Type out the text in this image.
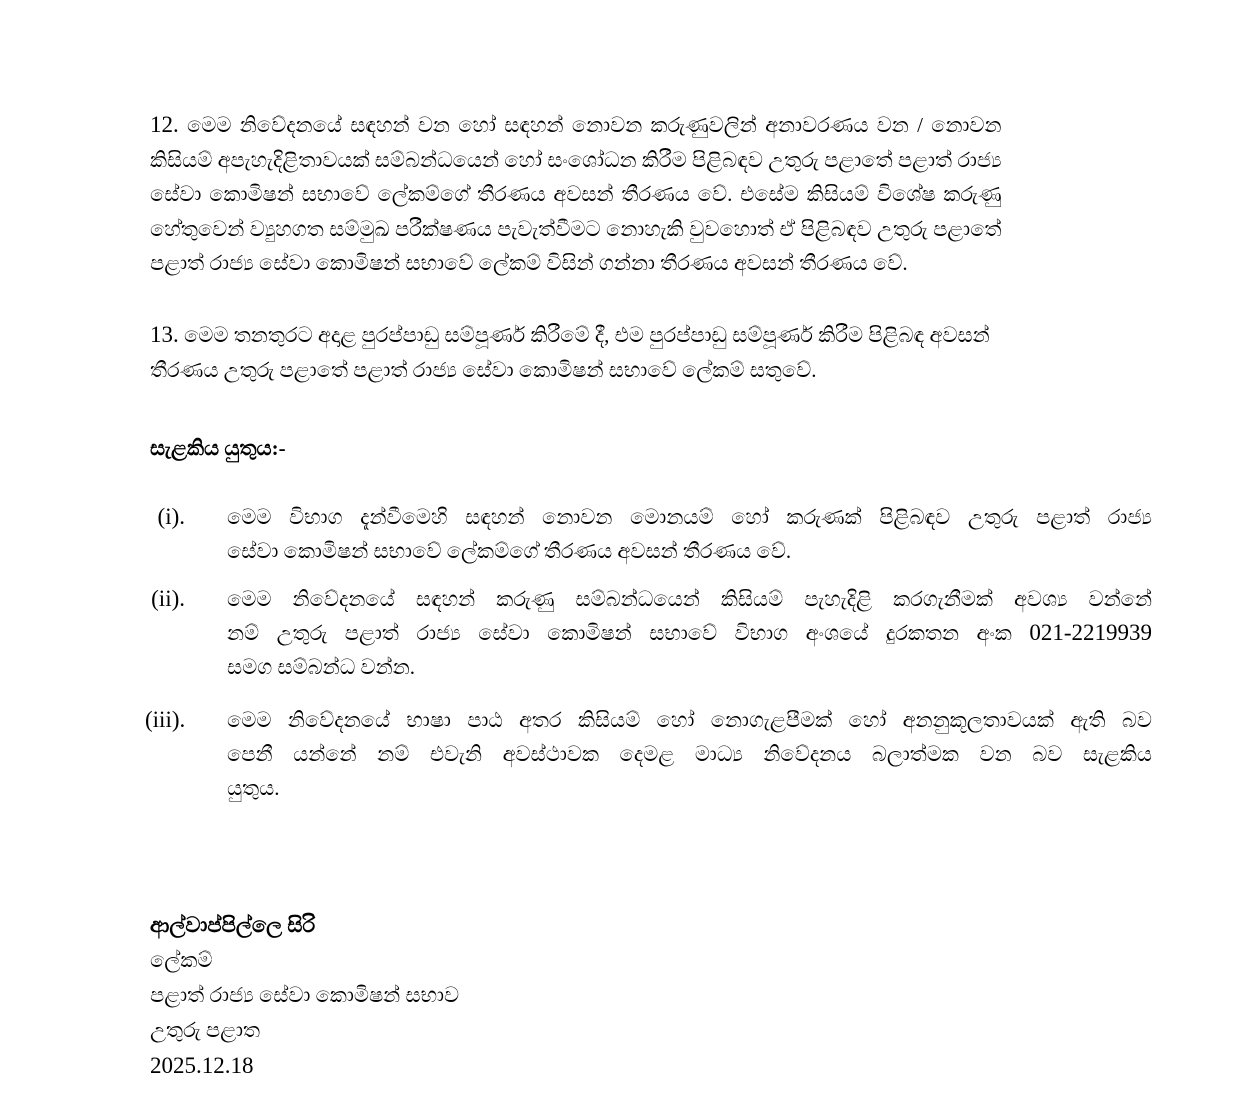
12. මෙම නිවේදනයේ සඳහන් වන හෝ සඳහන් නොවන කරුණුවලින් අනාවරණය වන / නොවන
කිසියම් අපැහැදිළිතාවයක් සම්බන්ධයෙන් හෝ සංශෝධන කිරීම පිළිබඳව උතුරු පළාතේ පළාත් රාජ්‍ය
සේවා කොමිෂන් සභාවේ ලේකම්ගේ තීරණය අවසන් තීරණය වේ. එසේම කිසියම් විශේෂ කරුණු
හේතුවෙන් ව්‍යුහගත සම්මුඛ පරීක්ෂණය පැවැත්වීමට නොහැකි වුවහොත් ඒ පිළිබඳව උතුරු පළාතේ
පළාත් රාජ්‍ය සේවා කොමිෂන් සභාවේ ලේකම් විසින් ගන්නා තීරණය අවසන් තීරණය වේ.
13. මෙම තනතුරට අදාළ පුරප්පාඩු සම්පූර්ණ කිරීමේ දී, එම පුරප්පාඩු සම්පූර්ණ කිරීම පිළිබඳ අවසන්
තීරණය උතුරු පළාතේ පළාත් රාජ්‍ය සේවා කොමිෂන් සභාවේ ලේකම් සතුවේ.
සැළකිය යුතුය:-
(i). මෙම විභාග දැන්වීමෙහි සඳහන් නොවන මොනයම් හෝ කරුණක් පිළිබඳව උතුරු පළාත් රාජ්‍ය
සේවා කොමිෂන් සභාවේ ලේකම්ගේ තීරණය අවසන් තීරණය වේ.
(ii). මෙම නිවේදනයේ සඳහන් කරුණු සම්බන්ධයෙන් කිසියම් පැහැදිළි කරගැනීමක් අවශ්‍ය වන්නේ
නම් උතුරු පළාත් රාජ්‍ය සේවා කොමිෂන් සභාවේ විභාග අංශයේ දුරකතන අංක 021-2219939
සමග සම්බන්ධ වන්න.
(iii). මෙම නිවේදනයේ භාෂා පාඨ අතර කිසියම් හෝ නොගැළපීමක් හෝ අනනුකූලතාවයක් ඇති බව
පෙනී යන්නේ නම් එවැනි අවස්ථාවක දෙමළ මාධ්‍ය නිවේදනය බලාත්මක වන බව සැළකිය
යුතුය.
ආල්වාප්පිල්ලෙ සිරි
ලේකම්
පළාත් රාජ්‍ය සේවා කොමිෂන් සභාව
උතුරු පළාත
2025.12.18
